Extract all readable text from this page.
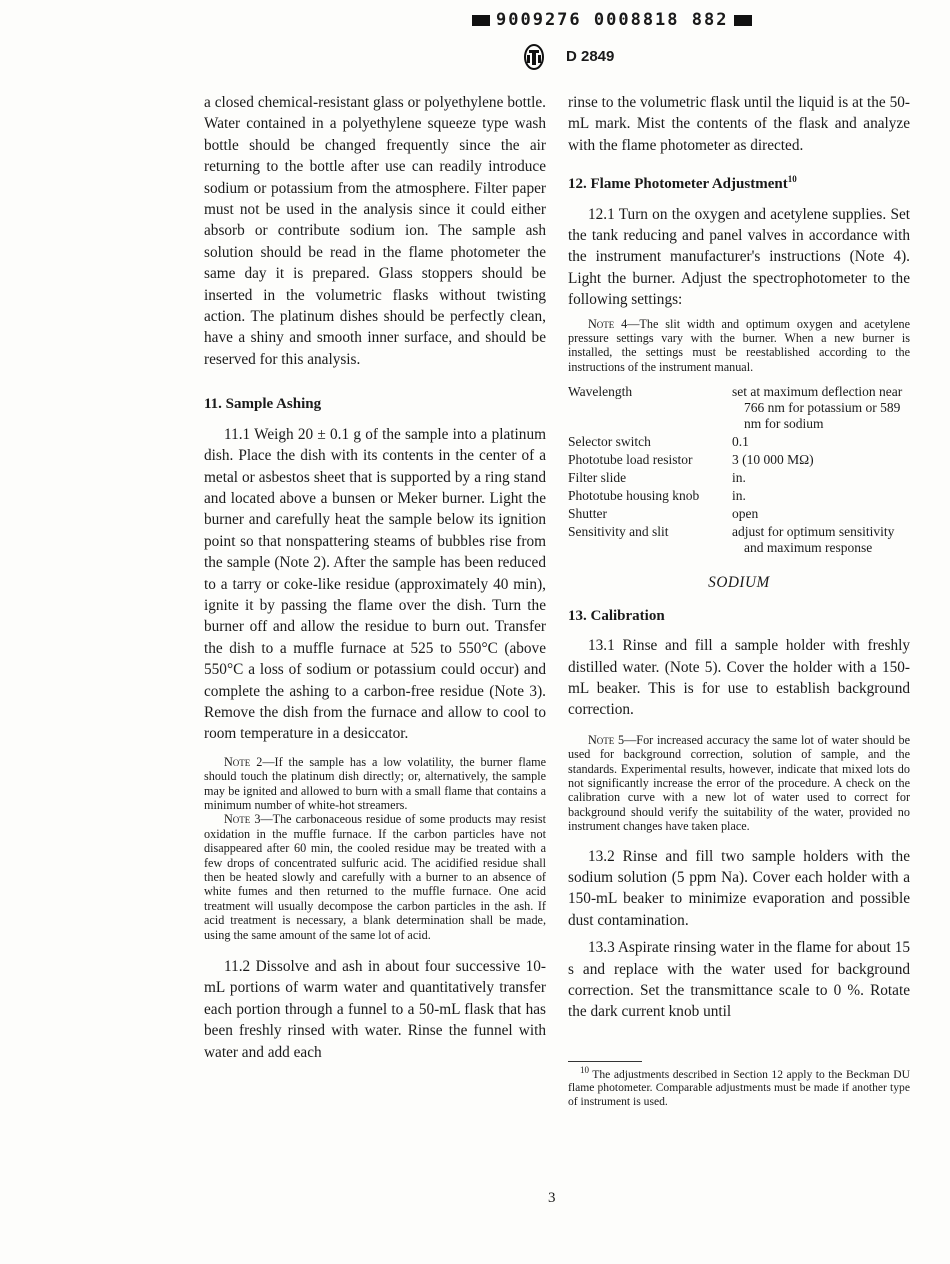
9009276 0008818 882
D 2849

a closed chemical-resistant glass or polyethylene bottle. Water contained in a polyethylene squeeze type wash bottle should be changed frequently since the air returning to the bottle after use can readily introduce sodium or potassium from the atmosphere. Filter paper must not be used in the analysis since it could either absorb or contribute sodium ion. The sample ash solution should be read in the flame photometer the same day it is prepared. Glass stoppers should be inserted in the volumetric flasks without twisting action. The platinum dishes should be perfectly clean, have a shiny and smooth inner surface, and should be reserved for this analysis.

11. Sample Ashing

11.1 Weigh 20 ± 0.1 g of the sample into a platinum dish. Place the dish with its contents in the center of a metal or asbestos sheet that is supported by a ring stand and located above a bunsen or Meker burner. Light the burner and carefully heat the sample below its ignition point so that nonspattering steams of bubbles rise from the sample (Note 2). After the sample has been reduced to a tarry or coke-like residue (approximately 40 min), ignite it by passing the flame over the dish. Turn the burner off and allow the residue to burn out. Transfer the dish to a muffle furnace at 525 to 550°C (above 550°C a loss of sodium or potassium could occur) and complete the ashing to a carbon-free residue (Note 3). Remove the dish from the furnace and allow to cool to room temperature in a desiccator.

Note 2—If the sample has a low volatility, the burner flame should touch the platinum dish directly; or, alternatively, the sample may be ignited and allowed to burn with a small flame that contains a minimum number of white-hot streamers.

Note 3—The carbonaceous residue of some products may resist oxidation in the muffle furnace. If the carbon particles have not disappeared after 60 min, the cooled residue may be treated with a few drops of concentrated sulfuric acid. The acidified residue shall then be heated slowly and carefully with a burner to an absence of white fumes and then returned to the muffle furnace. One acid treatment will usually decompose the carbon particles in the ash. If acid treatment is necessary, a blank determination shall be made, using the same amount of the same lot of acid.

11.2 Dissolve and ash in about four successive 10-mL portions of warm water and quantitatively transfer each portion through a funnel to a 50-mL flask that has been freshly rinsed with water. Rinse the funnel with water and add each

rinse to the volumetric flask until the liquid is at the 50-mL mark. Mist the contents of the flask and analyze with the flame photometer as directed.

12. Flame Photometer Adjustment$^{10}$

12.1 Turn on the oxygen and acetylene supplies. Set the tank reducing and panel valves in accordance with the instrument manufacturer's instructions (Note 4). Light the burner. Adjust the spectrophotometer to the following settings:

Note 4—The slit width and optimum oxygen and acetylene pressure settings vary with the burner. When a new burner is installed, the settings must be reestablished according to the instructions of the instrument manual.

Wavelength	set at maximum deflection near 766 nm for potassium or 589 nm for sodium
Selector switch	0.1
Phototube load resistor	3 (10 000 MΩ)
Filter slide	in.
Phototube housing knob	in.
Shutter	open
Sensitivity and slit	adjust for optimum sensitivity and maximum response
SODIUM
13. Calibration

13.1 Rinse and fill a sample holder with freshly distilled water. (Note 5). Cover the holder with a 150-mL beaker. This is for use to establish background correction.

Note 5—For increased accuracy the same lot of water should be used for background correction, solution of sample, and the standards. Experimental results, however, indicate that mixed lots do not significantly increase the error of the procedure. A check on the calibration curve with a new lot of water used to correct for background should verify the suitability of the water, provided no instrument changes have taken place.

13.2 Rinse and fill two sample holders with the sodium solution (5 ppm Na). Cover each holder with a 150-mL beaker to minimize evaporation and possible dust contamination.

13.3 Aspirate rinsing water in the flame for about 15 s and replace with the water used for background correction. Set the transmittance scale to 0 %. Rotate the dark current knob until

$^{10}$ The adjustments described in Section 12 apply to the Beckman DU flame photometer. Comparable adjustments must be made if another type of instrument is used.

3
